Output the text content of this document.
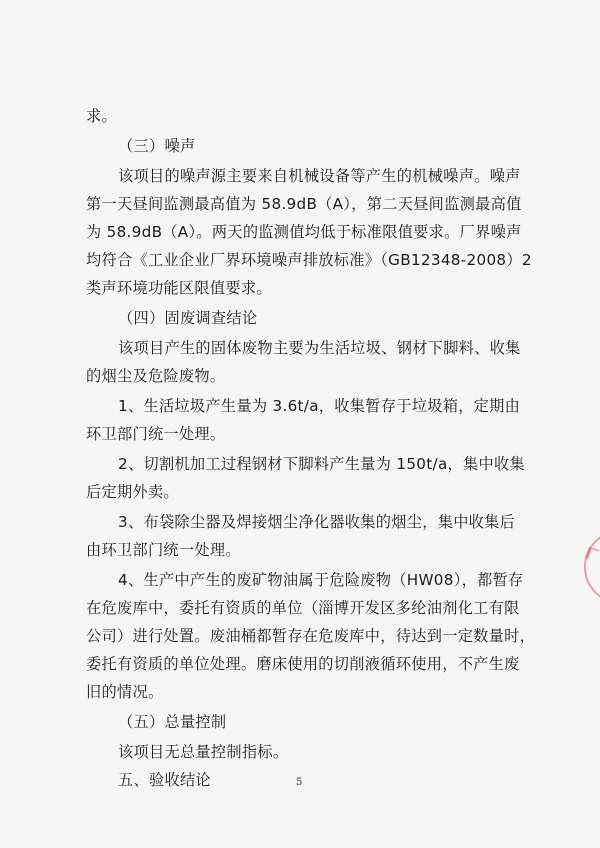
求。
（三）噪声
该项目的噪声源主要来自机械设备等产生的机械噪声。噪声
第一天昼间监测最高值为 58.9dB（A），第二天昼间监测最高值
为 58.9dB（A）。两天的监测值均低于标准限值要求。厂界噪声
均符合《工业企业厂界环境噪声排放标准》（GB12348-2008）2
类声环境功能区限值要求。
（四）固废调查结论
该项目产生的固体废物主要为生活垃圾、钢材下脚料、收集
的烟尘及危险废物。
1、生活垃圾产生量为 3.6t/a，收集暂存于垃圾箱，定期由
环卫部门统一处理。
2、切割机加工过程钢材下脚料产生量为 150t/a，集中收集
后定期外卖。
3、布袋除尘器及焊接烟尘净化器收集的烟尘，集中收集后
由环卫部门统一处理。
4、生产中产生的废矿物油属于危险废物（HW08），都暂存
在危废库中，委托有资质的单位（淄博开发区多纶油剂化工有限
公司）进行处置。废油桶都暂存在危废库中，待达到一定数量时，
委托有资质的单位处理。磨床使用的切削液循环使用，不产生废
旧的情况。
（五）总量控制
该项目无总量控制指标。
五、验收结论	5
